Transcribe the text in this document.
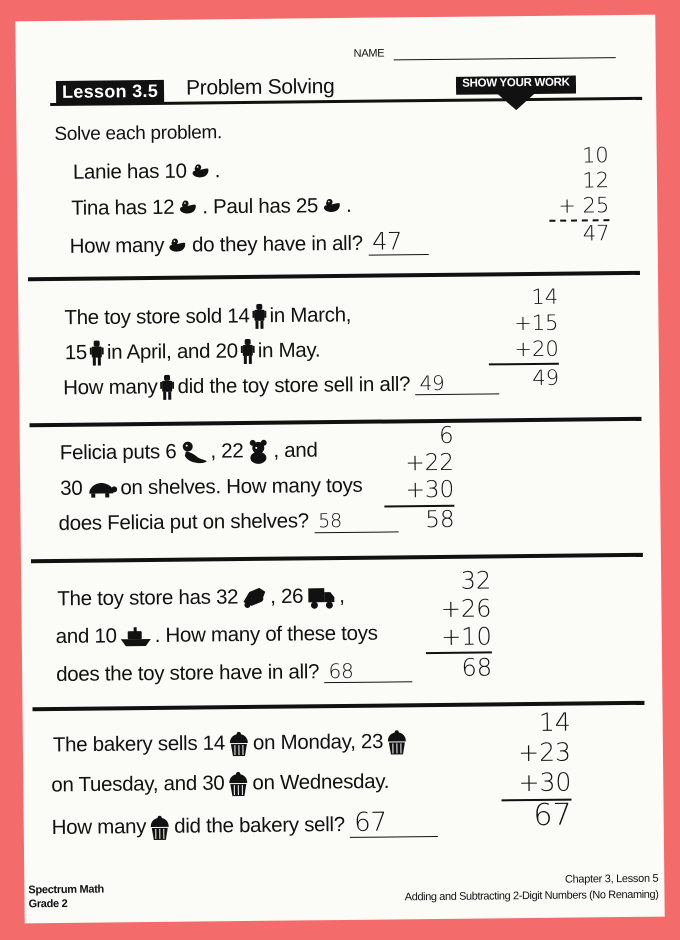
NAME
Lesson 3.5 Problem Solving	SHOW YOUR WORK
Solve each problem.
Lanie has 10 .
Tina has 12 . Paul has 25 .
How many do they have in all? 47
10
12
+ 25
47
The toy store sold 14 in March,
15 in April, and 20 in May.
How many did the toy store sell in all? 49
14
+15
+20
49
Felicia puts 6 , 22 , and
30 on shelves. How many toys
does Felicia put on shelves? 58
6
+22
+30
58
The toy store has 32 , 26 ,
and 10 . How many of these toys
does the toy store have in all? 68
32
+26
+10
68
The bakery sells 14 on Monday, 23
on Tuesday, and 30 on Wednesday.
How many did the bakery sell? 67
14
+23
+30
67
Spectrum Math
Grade 2
Chapter 3, Lesson 5
Adding and Subtracting 2-Digit Numbers (No Renaming)
